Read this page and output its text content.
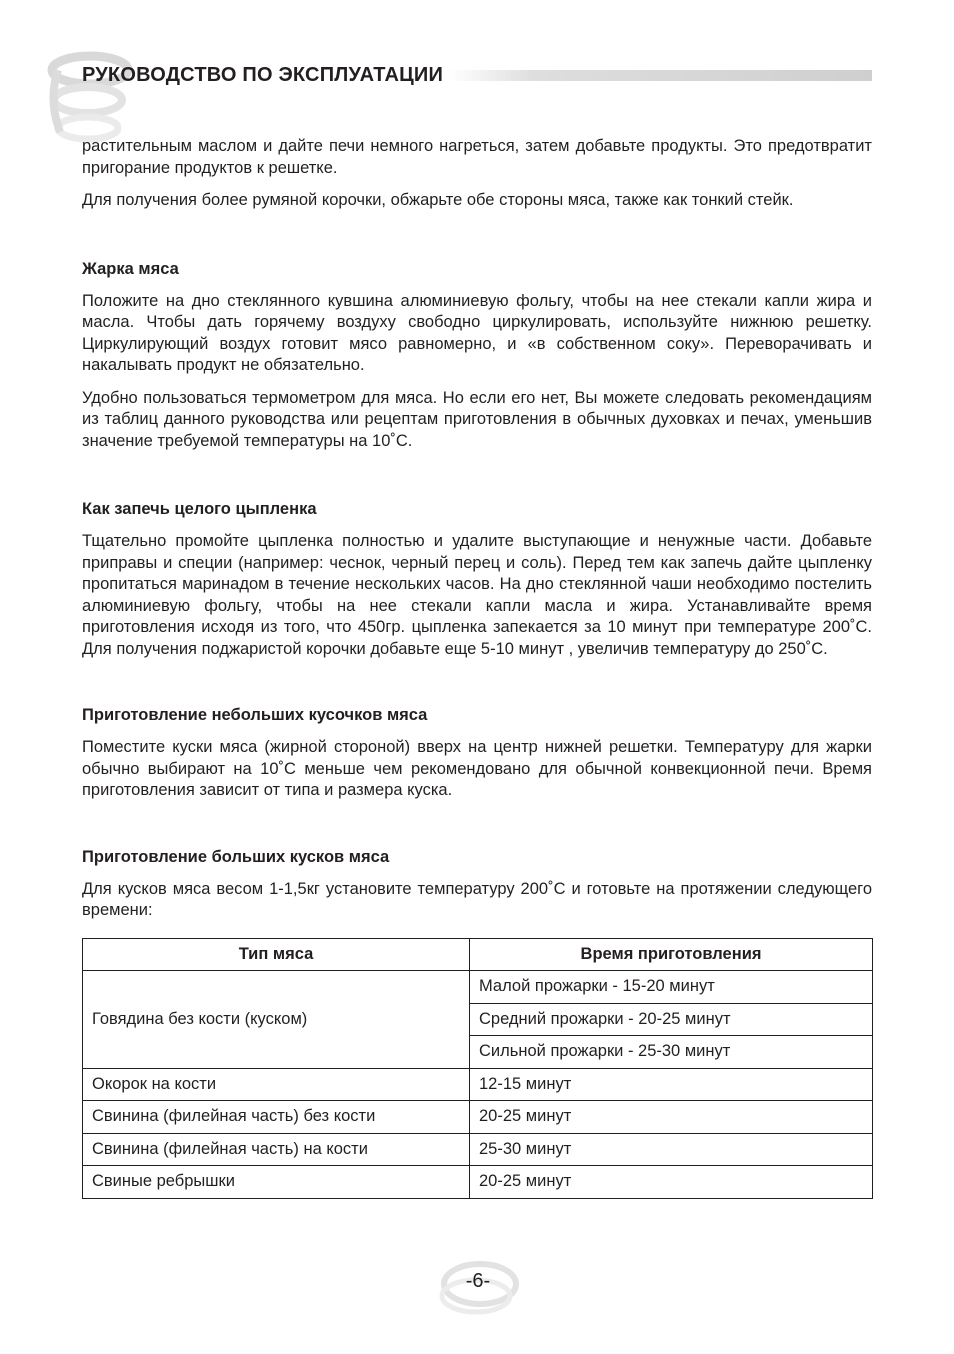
РУКОВОДСТВО ПО ЭКСПЛУАТАЦИИ

растительным маслом и дайте печи немного нагреться, затем добавьте продукты. Это предотвратит пригорание продуктов к решетке.

Для получения более румяной корочки, обжарьте обе стороны мяса, также как тонкий стейк.

Жарка мяса

Положите на дно стеклянного кувшина алюминиевую фольгу, чтобы на нее стекали капли жира и масла. Чтобы дать горячему воздуху свободно циркулировать, используйте нижнюю решетку. Циркулирующий воздух готовит мясо равномерно, и «в собственном соку». Переворачивать и накалывать продукт не обязательно.

Удобно пользоваться термометром для мяса. Но если его нет, Вы можете следовать рекомендациям из таблиц данного руководства или рецептам приготовления в обычных духовках и печах, уменьшив значение требуемой температуры на 10˚С.

Как запечь целого цыпленка

Тщательно промойте цыпленка полностью и удалите выступающие и ненужные части. Добавьте приправы и специи (например: чеснок, черный перец и соль). Перед тем как запечь дайте цыпленку пропитаться маринадом в течение нескольких часов. На дно стеклянной чаши необходимо постелить алюминиевую фольгу, чтобы на нее стекали капли масла и жира. Устанавливайте время приготовления исходя из того, что 450гр. цыпленка запекается за 10 минут при температуре 200˚С. Для получения поджаристой корочки добавьте еще 5-10 минут , увеличив температуру до 250˚С.

Приготовление небольших кусочков мяса

Поместите куски мяса (жирной стороной) вверх на центр нижней решетки. Температуру для жарки обычно выбирают на 10˚С меньше чем рекомендовано для обычной конвекционной печи. Время приготовления зависит от типа и размера куска.

Приготовление больших кусков мяса

Для кусков мяса весом 1-1,5кг установите температуру 200˚С и готовьте на протяжении следующего времени:

Тип мяса	Время приготовления
Говядина без кости (куском)	Малой прожарки - 15-20 минут
	Средний прожарки - 20-25 минут
	Сильной прожарки - 25-30 минут
Окорок на кости	12-15 минут
Свинина (филейная часть) без кости	20-25 минут
Свинина (филейная часть) на кости	25-30 минут
Свиные ребрышки	20-25 минут
-6-
